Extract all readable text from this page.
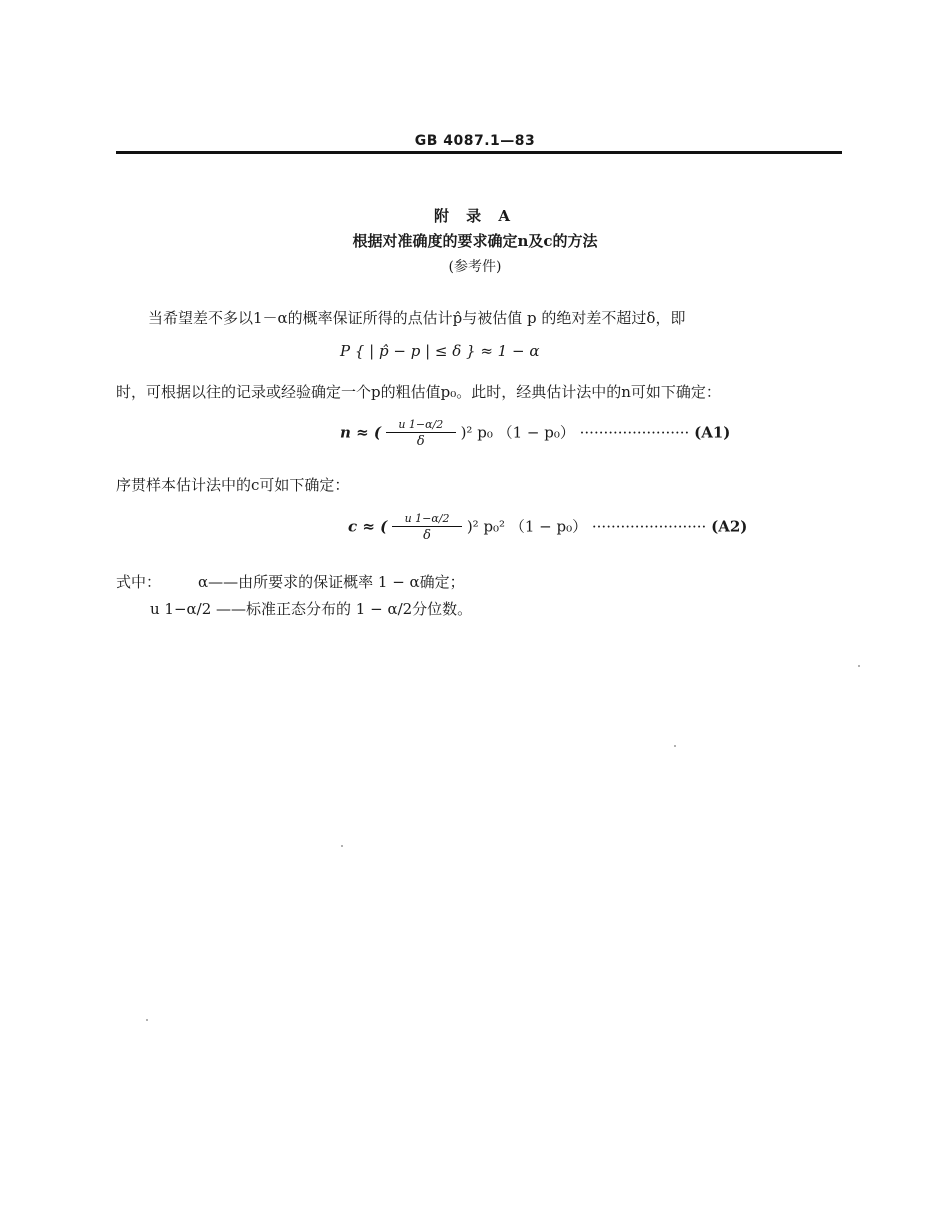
GB 4087.1—83
附 录 A
根据对准确度的要求确定n及c的方法
(参考件)
当希望差不多以1－α的概率保证所得的点估计p̂与被估值 p 的绝对差不超过δ，即
P { | p̂ − p | ≤ δ } ≈ 1 − α
时，可根据以往的记录或经验确定一个p的粗估值p₀。此时，经典估计法中的n可如下确定：
n ≈ ( $\frac{u 1-\alpha/2}{\delta} )^2$ p₀ （1 − p₀） ······················· (A1)
序贯样本估计法中的c可如下确定：
c ≈ ( $\frac{u 1-\alpha/2}{\delta} )^2$ p₀² （1 − p₀） ························ (A2)
式中： α——由所要求的保证概率 1 − α确定；
u 1−α/2 ——标准正态分布的 1 − α/2分位数。
